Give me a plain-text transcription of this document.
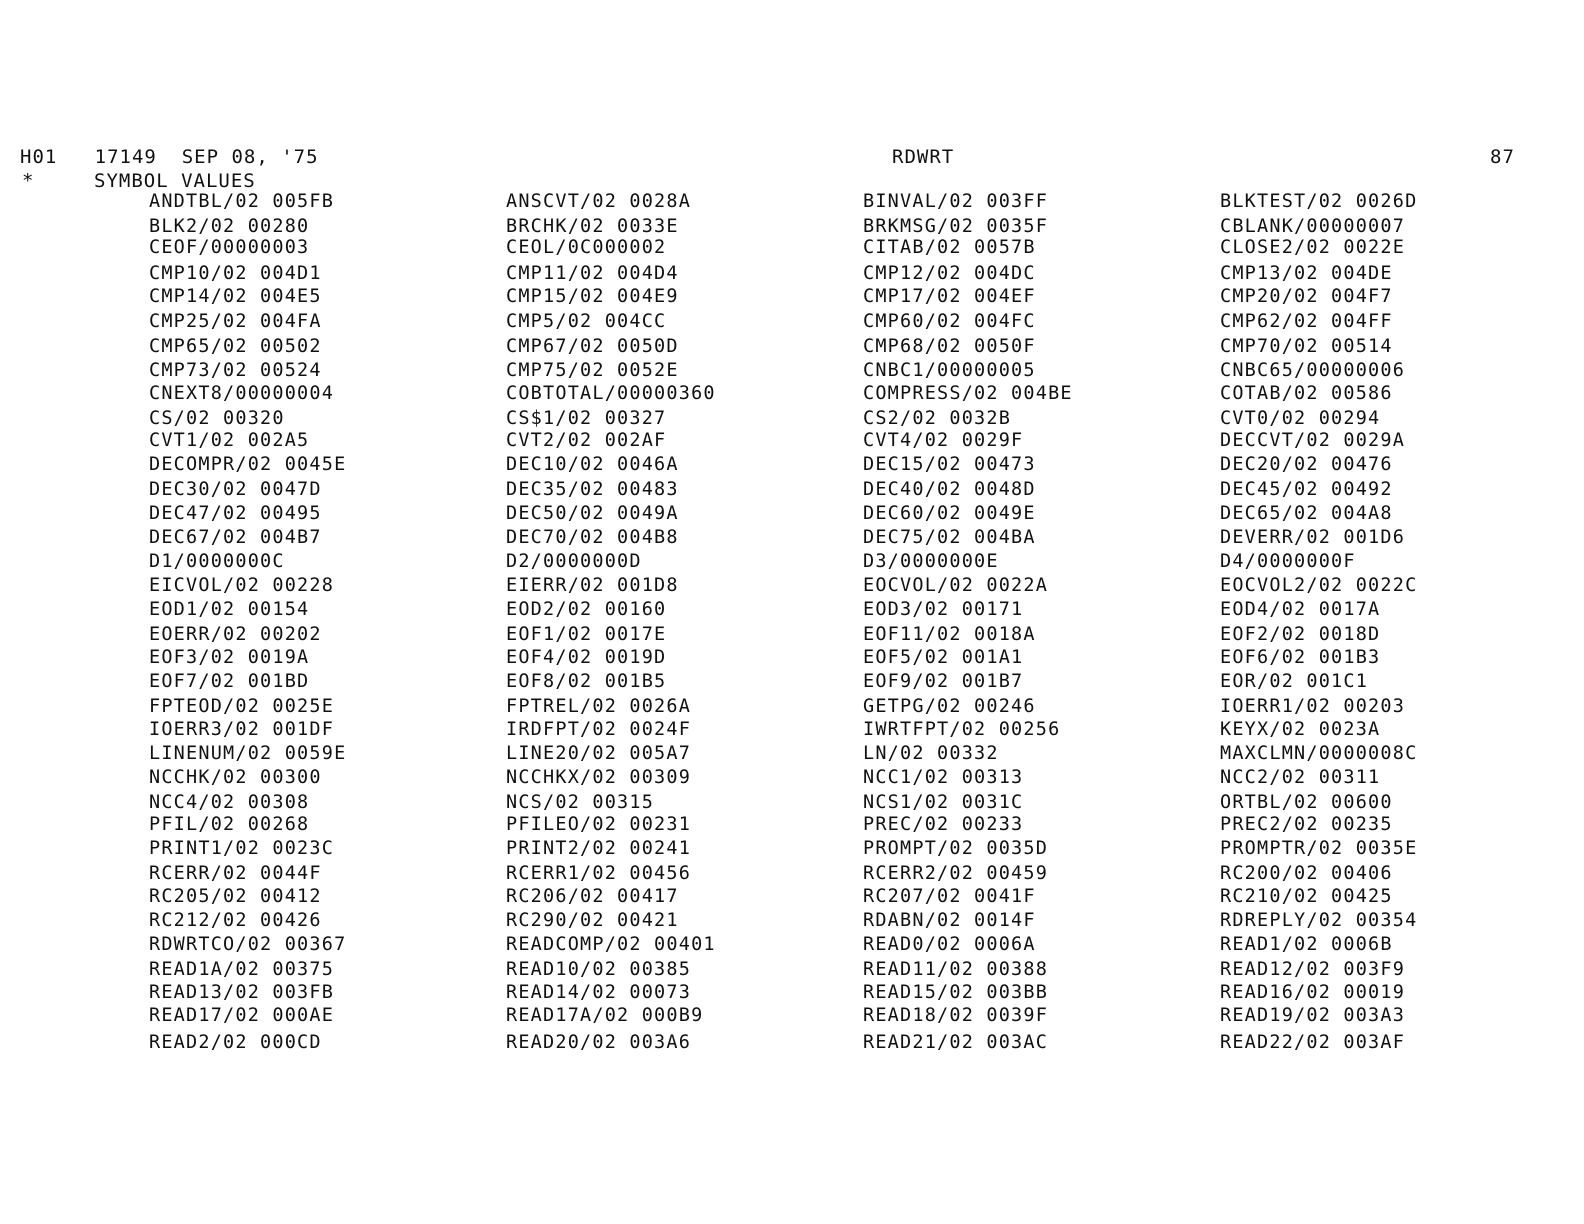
H01   17149  SEP 08, '75	RDWRT	87
*	SYMBOL VALUES
ANDTBL/02 005FB	ANSCVT/02 0028A	BINVAL/02 003FF	BLKTEST/02 0026D
BLK2/02 00280	BRCHK/02 0033E	BRKMSG/02 0035F	CBLANK/00000007
CEOF/00000003	CEOL/0C000002	CITAB/02 0057B	CLOSE2/02 0022E
CMP10/02 004D1	CMP11/02 004D4	CMP12/02 004DC	CMP13/02 004DE
CMP14/02 004E5	CMP15/02 004E9	CMP17/02 004EF	CMP20/02 004F7
CMP25/02 004FA	CMP5/02 004CC	CMP60/02 004FC	CMP62/02 004FF
CMP65/02 00502	CMP67/02 0050D	CMP68/02 0050F	CMP70/02 00514
CMP73/02 00524	CMP75/02 0052E	CNBC1/00000005	CNBC65/00000006
CNEXT8/00000004	COBTOTAL/00000360	COMPRESS/02 004BE	COTAB/02 00586
CS/02 00320	CS$1/02 00327	CS2/02 0032B	CVT0/02 00294
CVT1/02 002A5	CVT2/02 002AF	CVT4/02 0029F	DECCVT/02 0029A
DECOMPR/02 0045E	DEC10/02 0046A	DEC15/02 00473	DEC20/02 00476
DEC30/02 0047D	DEC35/02 00483	DEC40/02 0048D	DEC45/02 00492
DEC47/02 00495	DEC50/02 0049A	DEC60/02 0049E	DEC65/02 004A8
DEC67/02 004B7	DEC70/02 004B8	DEC75/02 004BA	DEVERR/02 001D6
D1/0000000C	D2/0000000D	D3/0000000E	D4/0000000F
EICVOL/02 00228	EIERR/02 001D8	EOCVOL/02 0022A	EOCVOL2/02 0022C
EOD1/02 00154	EOD2/02 00160	EOD3/02 00171	EOD4/02 0017A
EOERR/02 00202	EOF1/02 0017E	EOF11/02 0018A	EOF2/02 0018D
EOF3/02 0019A	EOF4/02 0019D	EOF5/02 001A1	EOF6/02 001B3
EOF7/02 001BD	EOF8/02 001B5	EOF9/02 001B7	EOR/02 001C1
FPTEOD/02 0025E	FPTREL/02 0026A	GETPG/02 00246	IOERR1/02 00203
IOERR3/02 001DF	IRDFPT/02 0024F	IWRTFPT/02 00256	KEYX/02 0023A
LINENUM/02 0059E	LINE20/02 005A7	LN/02 00332	MAXCLMN/0000008C
NCCHK/02 00300	NCCHKX/02 00309	NCC1/02 00313	NCC2/02 00311
NCC4/02 00308	NCS/02 00315	NCS1/02 0031C	ORTBL/02 00600
PFIL/02 00268	PFILEO/02 00231	PREC/02 00233	PREC2/02 00235
PRINT1/02 0023C	PRINT2/02 00241	PROMPT/02 0035D	PROMPTR/02 0035E
RCERR/02 0044F	RCERR1/02 00456	RCERR2/02 00459	RC200/02 00406
RC205/02 00412	RC206/02 00417	RC207/02 0041F	RC210/02 00425
RC212/02 00426	RC290/02 00421	RDABN/02 0014F	RDREPLY/02 00354
RDWRTCO/02 00367	READCOMP/02 00401	READ0/02 0006A	READ1/02 0006B
READ1A/02 00375	READ10/02 00385	READ11/02 00388	READ12/02 003F9
READ13/02 003FB	READ14/02 00073	READ15/02 003BB	READ16/02 00019
READ17/02 000AE	READ17A/02 000B9	READ18/02 0039F	READ19/02 003A3
READ2/02 000CD	READ20/02 003A6	READ21/02 003AC	READ22/02 003AF
